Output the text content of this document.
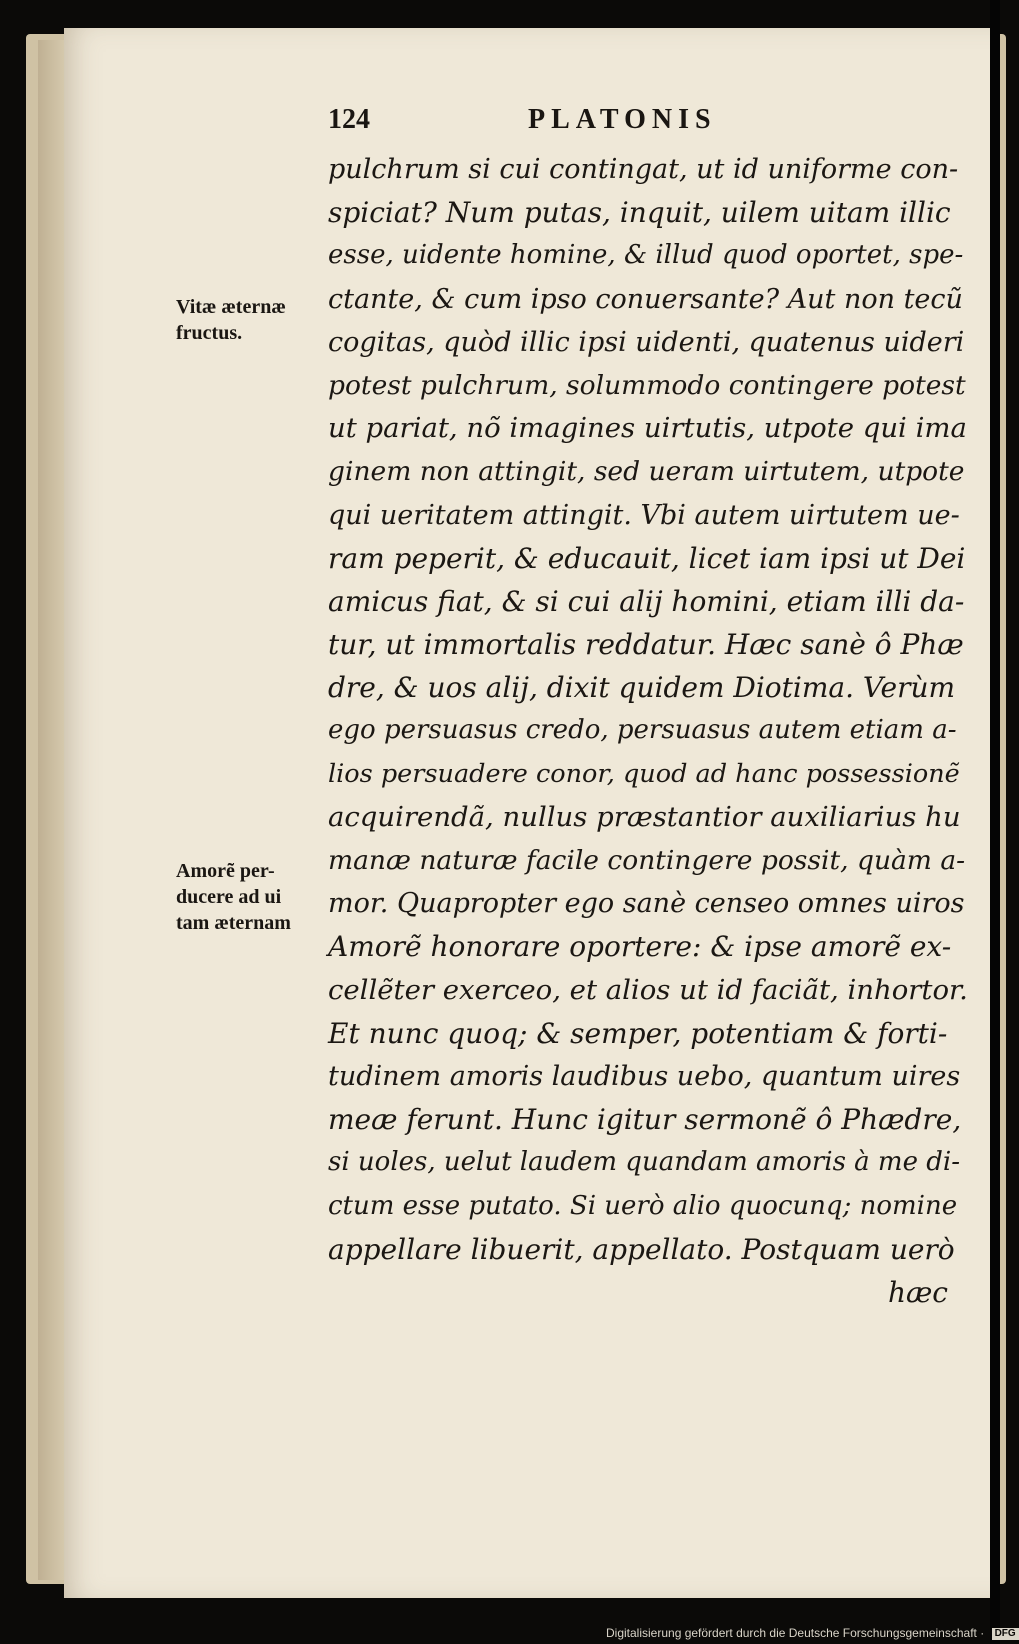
124	PLATONIS
Vitæ æternæ
fructus.
Amorẽ per-
ducere ad ui
tam æternam
pulchrum si cui contingat, ut id uniforme con-
spiciat? Num putas, inquit, uilem uitam illic
esse, uidente homine, & illud quod oportet, spe-
ctante, & cum ipso conuersante? Aut non tecũ
cogitas, quòd illic ipsi uidenti, quatenus uideri
potest pulchrum, solummodo contingere potest
ut pariat, nõ imagines uirtutis, utpote qui ima
ginem non attingit, sed ueram uirtutem, utpote
qui ueritatem attingit. Vbi autem uirtutem ue-
ram peperit, & educauit, licet iam ipsi ut Dei
amicus fiat, & si cui alij homini, etiam illi da-
tur, ut immortalis reddatur. Hæc sanè ô Phæ
dre, & uos alij, dixit quidem Diotima. Verùm
ego persuasus credo, persuasus autem etiam a-
lios persuadere conor, quod ad hanc possessionẽ
acquirendã, nullus præstantior auxiliarius hu
manæ naturæ facile contingere possit, quàm a-
mor. Quapropter ego sanè censeo omnes uiros
Amorẽ honorare oportere: & ipse amorẽ ex-
cellẽter exerceo, et alios ut id faciãt, inhortor.
Et nunc quoq; & semper, potentiam & forti-
tudinem amoris laudibus uebo, quantum uires
meæ ferunt. Hunc igitur sermonẽ ô Phædre,
si uoles, uelut laudem quandam amoris à me di-
ctum esse putato. Si uerò alio quocunq; nomine
appellare libuerit, appellato. Postquam uerò
hæc
Digitalisierung gefördert durch die Deutsche Forschungsgemeinschaft · DFG
